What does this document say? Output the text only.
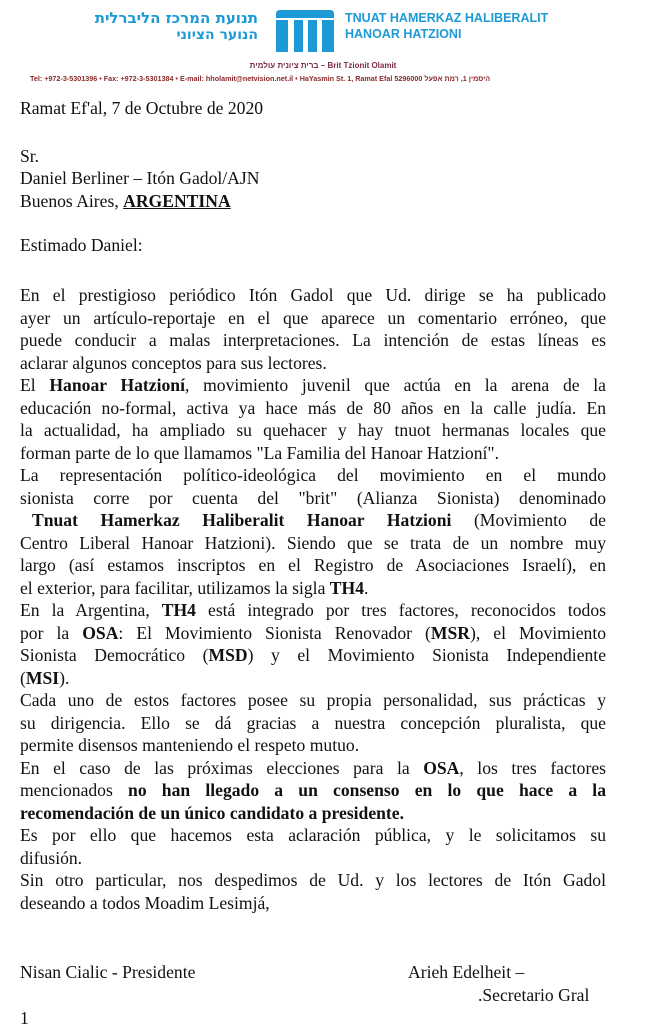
תנועת המרכז הליברלית
הנוער הציוני
TNUAT HAMERKAZ HALIBERALIT
HANOAR HATZIONI
ברית ציונית עולמית – Brit Tzionit Olamit
Tel: +972-3-5301396 • Fax: +972-3-5301384 • E-mail: hholamit@netvision.net.il • HaYasmin St. 1, Ramat Efal 5296000 היסמין 1, רמת אפעל
Ramat Ef'al, 7 de Octubre de 2020
Sr.
Daniel Berliner – Itón Gadol/AJN
Buenos Aires, ARGENTINA
Estimado Daniel:
En el prestigioso periódico Itón Gadol que Ud. dirige se ha publicado
ayer un artículo-reportaje en el que aparece un comentario erróneo, que
puede conducir a malas interpretaciones. La intención de estas líneas es
aclarar algunos conceptos para sus lectores.
El Hanoar Hatzioní, movimiento juvenil que actúa en la arena de la
educación no-formal, activa ya hace más de 80 años en la calle judía. En
la actualidad, ha ampliado su quehacer y hay tnuot hermanas locales que
forman parte de lo que llamamos "La Familia del Hanoar Hatzioní".
La representación político-ideológica del movimiento en el mundo
sionista corre por cuenta del "brit" (Alianza Sionista) denominado
Tnuat Hamerkaz Haliberalit Hanoar Hatzioni (Movimiento de
Centro Liberal Hanoar Hatzioni). Siendo que se trata de un nombre muy
largo (así estamos inscriptos en el Registro de Asociaciones Israelí), en
el exterior, para facilitar, utilizamos la sigla TH4.
En la Argentina, TH4 está integrado por tres factores, reconocidos todos
por la OSA: El Movimiento Sionista Renovador (MSR), el Movimiento
Sionista Democrático (MSD) y el Movimiento Sionista Independiente
(MSI).
Cada uno de estos factores posee su propia personalidad, sus prácticas y
su dirigencia. Ello se dá gracias a nuestra concepción pluralista, que
permite disensos manteniendo el respeto mutuo.
En el caso de las próximas elecciones para la OSA, los tres factores
mencionados no han llegado a un consenso en lo que hace a la
recomendación de un único candidato a presidente.
Es por ello que hacemos esta aclaración pública, y le solicitamos su
difusión.
Sin otro particular, nos despedimos de Ud. y los lectores de Itón Gadol
deseando a todos Moadim Lesimjá,
Nisan Cialic - Presidente	Arieh Edelheit –
.Secretario Gral
1
